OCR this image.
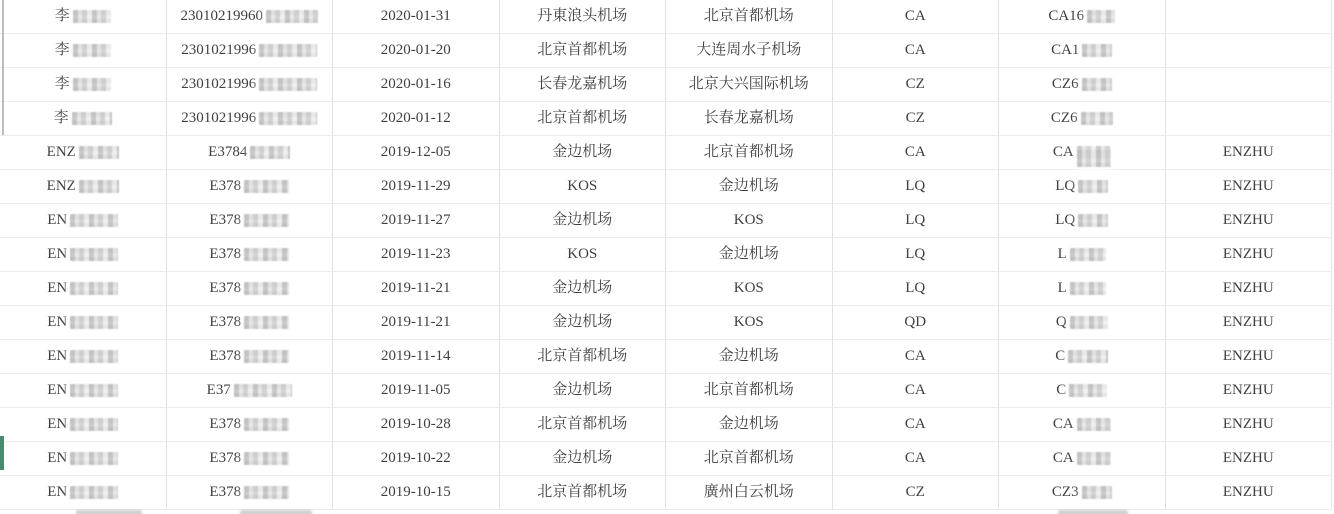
李	23010219960	2020-01-31	丹東浪头机场	北京首都机场	CA	CA16
李	2301021996	2020-01-20	北京首都机场	大连周水子机场	CA	CA1
李	2301021996	2020-01-16	长春龙嘉机场	北京大兴国际机场	CZ	CZ6
李	2301021996	2020-01-12	北京首都机场	长春龙嘉机场	CZ	CZ6
ENZ	E3784	2019-12-05	金边机场	北京首都机场	CA	CA	ENZHU
ENZ	E378	2019-11-29	KOS	金边机场	LQ	LQ	ENZHU
EN	E378	2019-11-27	金边机场	KOS	LQ	LQ	ENZHU
EN	E378	2019-11-23	KOS	金边机场	LQ	L	ENZHU
EN	E378	2019-11-21	金边机场	KOS	LQ	L	ENZHU
EN	E378	2019-11-21	金边机场	KOS	QD	Q	ENZHU
EN	E378	2019-11-14	北京首都机场	金边机场	CA	C	ENZHU
EN	E37	2019-11-05	金边机场	北京首都机场	CA	C	ENZHU
EN	E378	2019-10-28	北京首都机场	金边机场	CA	CA	ENZHU
EN	E378	2019-10-22	金边机场	北京首都机场	CA	CA	ENZHU
EN	E378	2019-10-15	北京首都机场	廣州白云机场	CZ	CZ3	ENZHU
